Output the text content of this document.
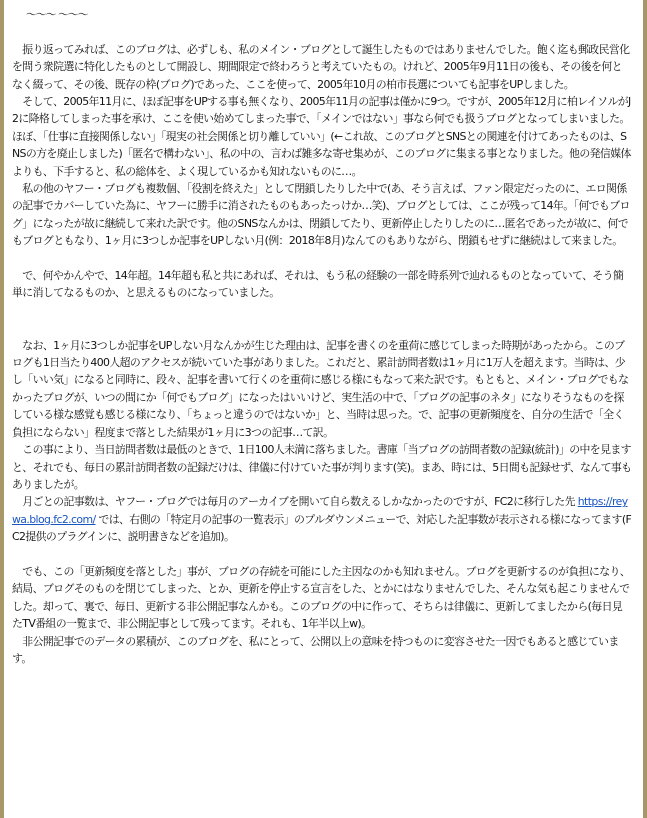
〜〜〜 〜〜〜

　振り返ってみれば、このブログは、必ずしも、私のメイン・ブログとして誕生したものではありませんでした。飽く迄も郵政民営化を問う衆院選に特化したものとして開設し、期間限定で終わろうと考えていたもの。けれど、2005年9月11日の後も、その後を何となく綴って、その後、既存の枠(ブログ)であった、ここを使って、2005年10月の柏市長選についても記事をUPしました。

　そして、2005年11月に、ほぼ記事をUPする事も無くなり、2005年11月の記事は僅かに9つ。ですが、2005年12月に柏レイソルがJ2に降格してしまった事を承け、ここを使い始めてしまった事で、「メインではない」事なら何でも扱うブログとなってしまいました。ほぼ、「仕事に直接関係しない」「現実の社会関係と切り離していい」(←これ故、このブログとSNSとの関連を付けてあったものは、SNSの方を廃止しました)「匿名で構わない」、私の中の、言わば雑多な寄せ集めが、このブログに集まる事となりました。他の発信媒体よりも、下手すると、私の総体を、よく現しているかも知れないものに…。

　私の他のヤフー・ブログも複数個、「役割を終えた」として閉鎖したりした中で(あ、そう言えば、ファン限定だったのに、エロ関係の記事でカバーしていた為に、ヤフーに勝手に消されたものもあったっけか…笑)、ブログとしては、ここが残って14年。「何でもブログ」になったが故に継続して来れた訳です。他のSNSなんかは、閉鎖してたり、更新停止したりしたのに…匿名であったが故に、何でもブログともなり、1ヶ月に3つしか記事をUPしない月(例：2018年8月)なんてのもありながら、閉鎖もせずに継続はして来ました。

　で、何やかんやで、14年超。14年超も私と共にあれば、それは、もう私の経験の一部を時系列で辿れるものとなっていて、そう簡単に消してなるものか、と思えるものになっていました。

　なお、1ヶ月に3つしか記事をUPしない月なんかが生じた理由は、記事を書くのを重荷に感じてしまった時期があったから。このブログも1日当たり400人超のアクセスが続いていた事がありました。これだと、累計訪問者数は1ヶ月に1万人を超えます。当時は、少し「いい気」になると同時に、段々、記事を書いて行くのを重荷に感じる様にもなって来た訳です。もともと、メイン・ブログでもなかったブログが、いつの間にか「何でもブログ」になったはいいけど、実生活の中で、「ブログの記事のネタ」になりそうなものを探している様な感覚も感じる様になり、「ちょっと違うのではないか」と、当時は思った。で、記事の更新頻度を、自分の生活で「全く負担にならない」程度まで落とした結果が1ヶ月に3つの記事…て訳。

　この事により、当日訪問者数は最低のときで、1日100人未満に落ちました。書庫「当ブログの訪問者数の記録(統計)」の中を見ますと、それでも、毎日の累計訪問者数の記録だけは、律儀に付けていた事が判ります(笑)。まあ、時には、5日間も記録せず、なんて事もありましたが。

　月ごとの記事数は、ヤフー・ブログでは毎月のアーカイブを開いて自ら数えるしかなかったのですが、FC2に移行した先 https://reywa.blog.fc2.com/ では、右側の「特定月の記事の一覧表示」のプルダウンメニューで、対応した記事数が表示される様になってます(FC2提供のプラグインに、説明書きなどを追加)。

　でも、この「更新頻度を落とした」事が、ブログの存続を可能にした主因なのかも知れません。ブログを更新するのが負担になり、結局、ブログそのものを閉じてしまった、とか、更新を停止する宣言をした、とかにはなりませんでした、そんな気も起こりませんでした。却って、裏で、毎日、更新する非公開記事なんかも。このブログの中に作って、そちらは律儀に、更新してましたから(毎日見たTV番組の一覧まで、非公開記事として残ってます。それも、1年半以上w)。

　非公開記事でのデータの累積が、このブログを、私にとって、公開以上の意味を持つものに変容させた一因でもあると感じています。
